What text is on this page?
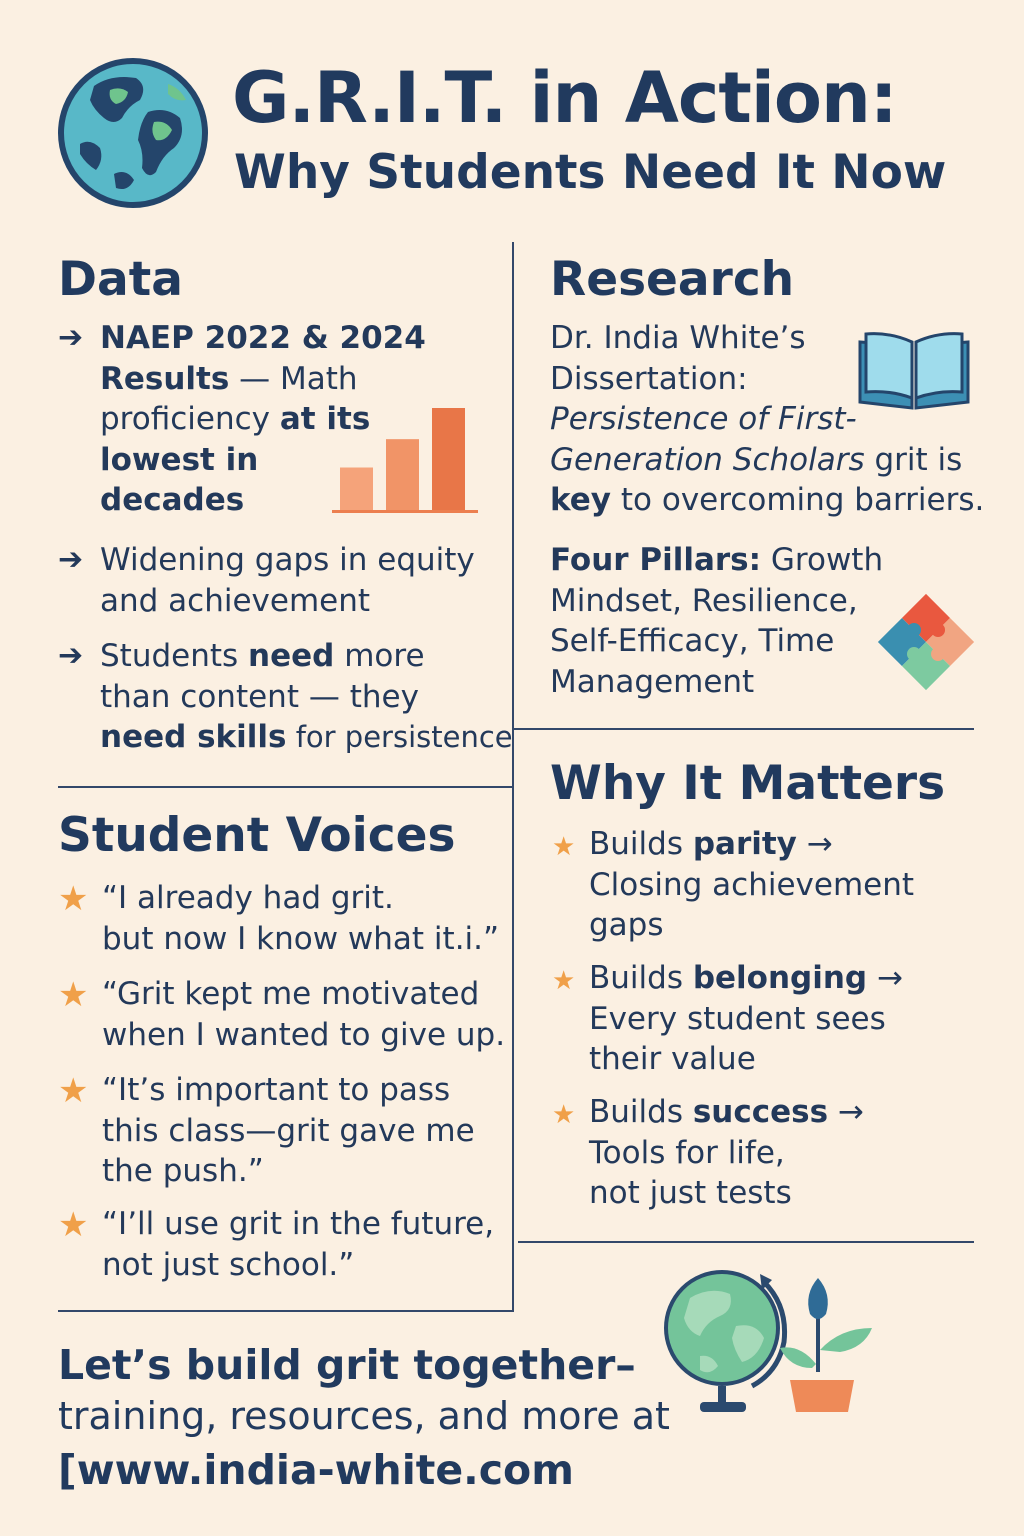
G.R.I.T. in Action:
Why Students Need It Now
Data
➔ NAEP 2022 & 2024
Results — Math
proficiency at its
lowest in
decades
➔ Widening gaps in equity
and achievement
➔ Students need more
than content — they
need skills for persistence
Research
Dr. India White’s
Dissertation:
Persistence of First-
Generation Scholars grit is
key to overcoming barriers.
Four Pillars: Growth
Mindset, Resilience,
Self-Efficacy, Time
Management
Student Voices
★ “I already had grit.
but now I know what it.i.”
★ “Grit kept me motivated
when I wanted to give up.
★ “It’s important to pass
this class—grit gave me
the push.”
★ “I’ll use grit in the future,
not just school.”
Why It Matters
★ Builds parity →
Closing achievement
gaps
★ Builds belonging →
Every student sees
their value
★ Builds success →
Tools for life,
not just tests
Let’s build grit together–
training, resources, and more at
[www.india-white.com
